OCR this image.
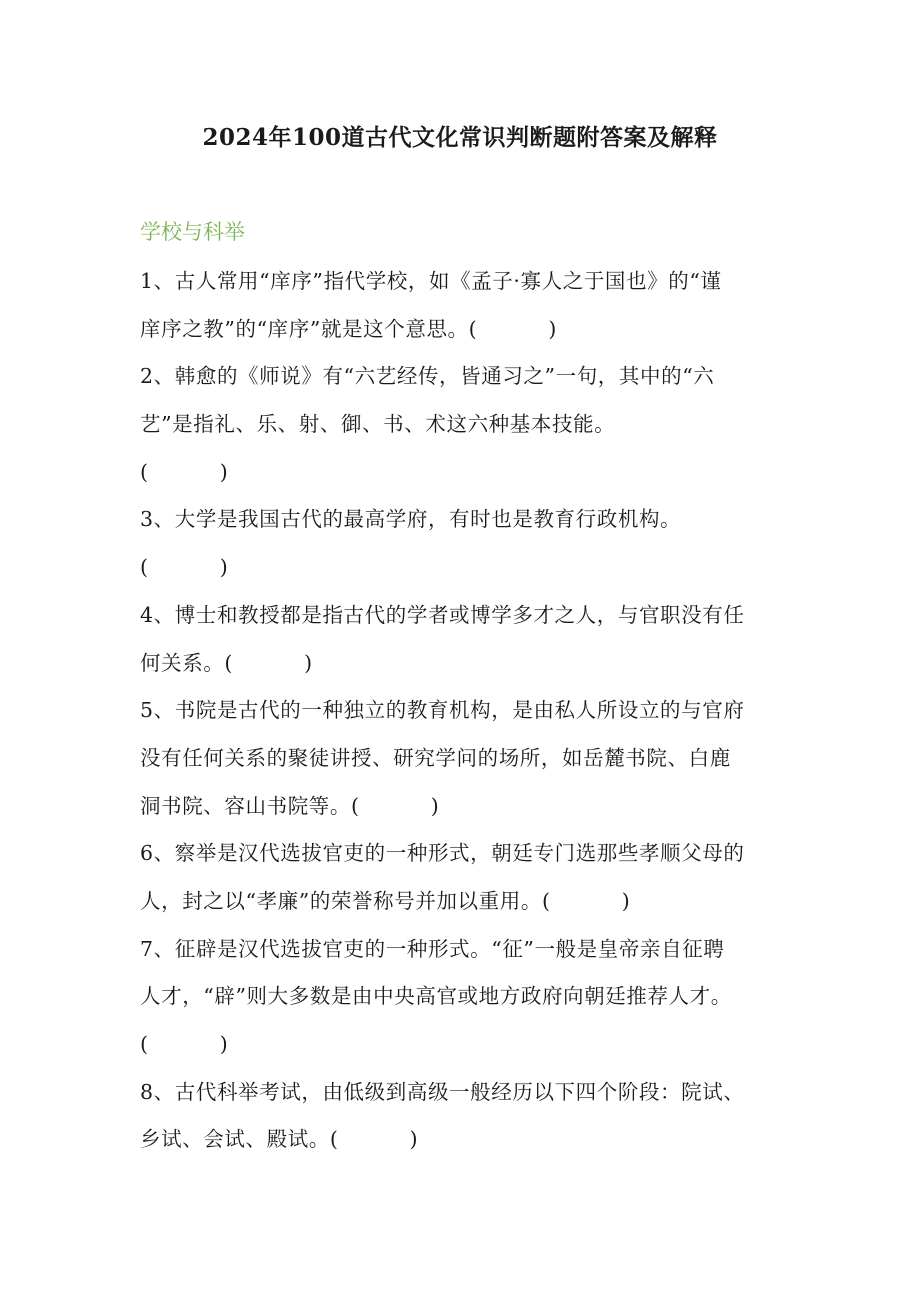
2024年100道古代文化常识判断题附答案及解释
学校与科举
1、古人常用“庠序”指代学校，如《孟子·寡人之于国也》的“谨
庠序之教”的“庠序”就是这个意思。(          )
2、韩愈的《师说》有“六艺经传，皆通习之”一句，其中的“六
艺”是指礼、乐、射、御、书、术这六种基本技能。
(          )
3、大学是我国古代的最高学府，有时也是教育行政机构。
(          )
4、博士和教授都是指古代的学者或博学多才之人，与官职没有任
何关系。(          )
5、书院是古代的一种独立的教育机构，是由私人所设立的与官府
没有任何关系的聚徒讲授、研究学问的场所，如岳麓书院、白鹿
洞书院、容山书院等。(          )
6、察举是汉代选拔官吏的一种形式，朝廷专门选那些孝顺父母的
人，封之以“孝廉”的荣誉称号并加以重用。(          )
7、征辟是汉代选拔官吏的一种形式。“征”一般是皇帝亲自征聘
人才，“辟”则大多数是由中央高官或地方政府向朝廷推荐人才。
(          )
8、古代科举考试，由低级到高级一般经历以下四个阶段：院试、
乡试、会试、殿试。(          )
